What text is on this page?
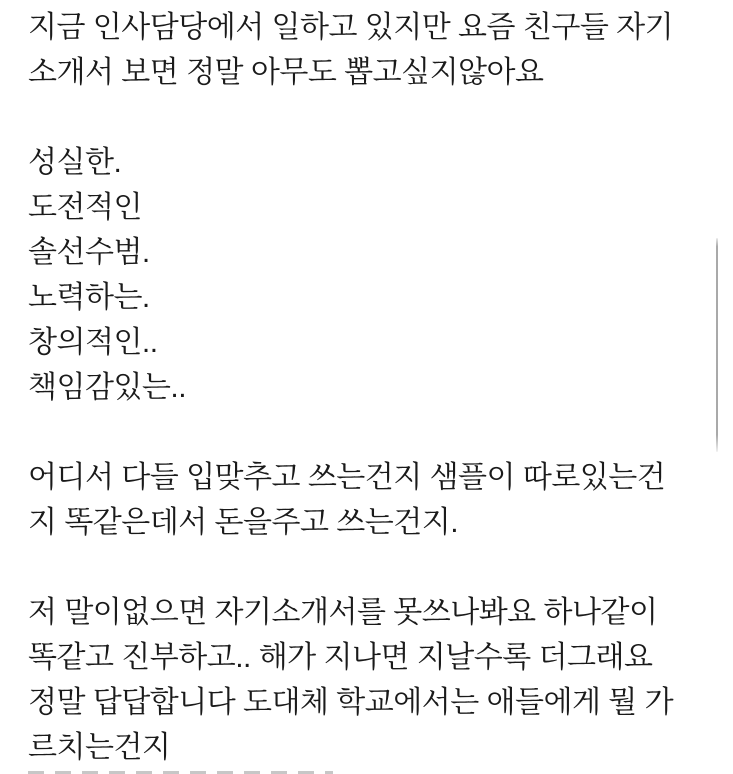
지금 인사담당에서 일하고 있지만 요즘 친구들 자기
소개서 보면 정말 아무도 뽑고싶지않아요
성실한.
도전적인
솔선수범.
노력하는.
창의적인..
책임감있는..
어디서 다들 입맞추고 쓰는건지 샘플이 따로있는건
지 똑같은데서 돈을주고 쓰는건지.
저 말이없으면 자기소개서를 못쓰나봐요 하나같이
똑같고 진부하고.. 해가 지나면 지날수록 더그래요
정말 답답합니다 도대체 학교에서는 애들에게 뭘 가
르치는건지
